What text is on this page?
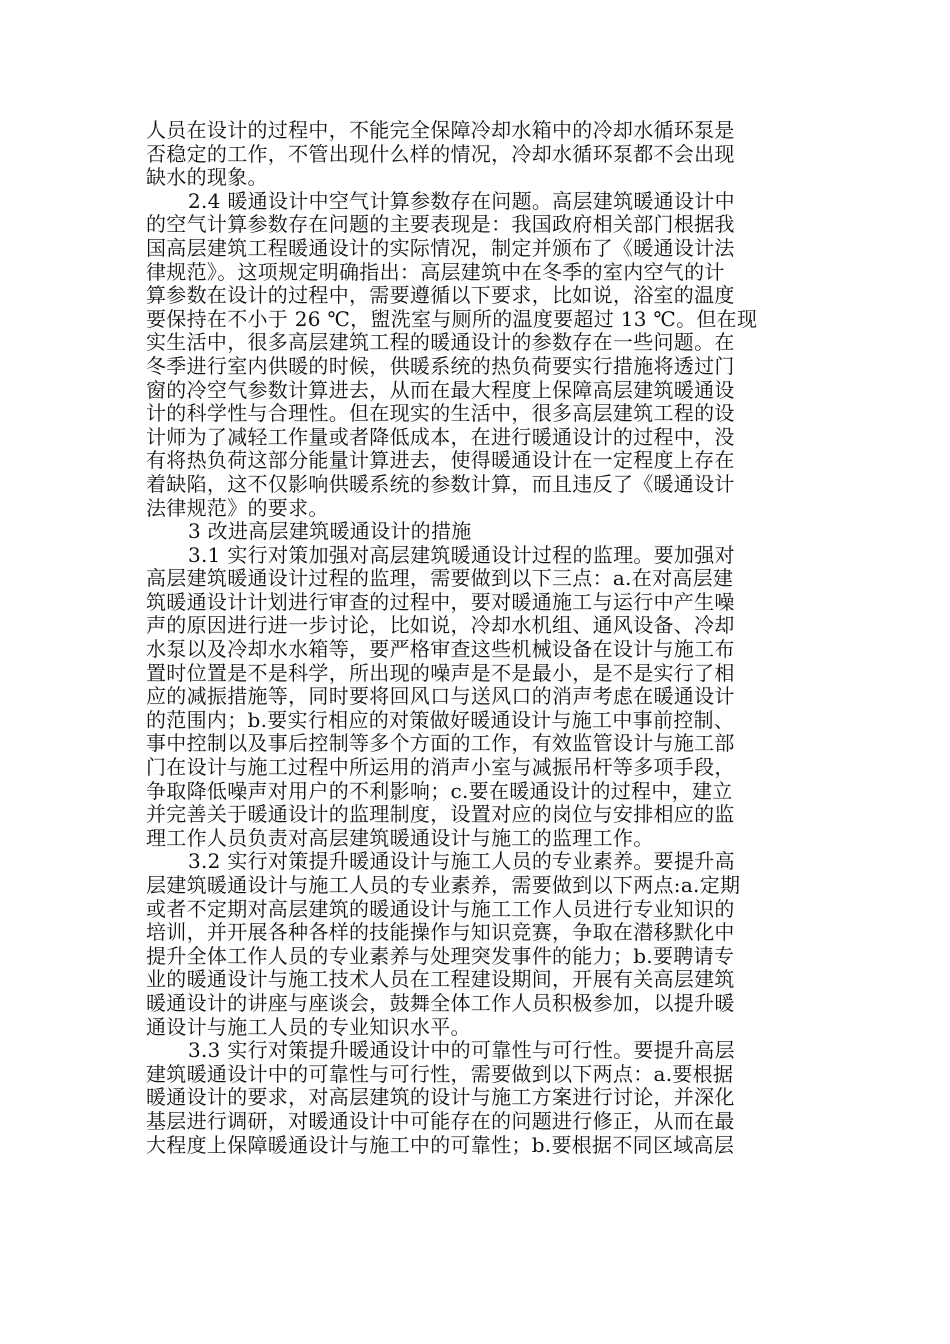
人员在设计的过程中，不能完全保障冷却水箱中的冷却水循环泵是
否稳定的工作，不管出现什么样的情况，冷却水循环泵都不会出现
缺水的现象。
2.4 暖通设计中空气计算参数存在问题。高层建筑暖通设计中
的空气计算参数存在问题的主要表现是：我国政府相关部门根据我
国高层建筑工程暖通设计的实际情况，制定并颁布了《暖通设计法
律规范》。这项规定明确指出：高层建筑中在冬季的室内空气的计
算参数在设计的过程中，需要遵循以下要求，比如说，浴室的温度
要保持在不小于 26 ℃，盥洗室与厕所的温度要超过 13 ℃。但在现
实生活中，很多高层建筑工程的暖通设计的参数存在一些问题。在
冬季进行室内供暖的时候，供暖系统的热负荷要实行措施将透过门
窗的冷空气参数计算进去，从而在最大程度上保障高层建筑暖通设
计的科学性与合理性。但在现实的生活中，很多高层建筑工程的设
计师为了减轻工作量或者降低成本，在进行暖通设计的过程中，没
有将热负荷这部分能量计算进去，使得暖通设计在一定程度上存在
着缺陷，这不仅影响供暖系统的参数计算，而且违反了《暖通设计
法律规范》的要求。
3 改进高层建筑暖通设计的措施
3.1 实行对策加强对高层建筑暖通设计过程的监理。要加强对
高层建筑暖通设计过程的监理，需要做到以下三点：a.在对高层建
筑暖通设计计划进行审查的过程中，要对暖通施工与运行中产生噪
声的原因进行进一步讨论，比如说，冷却水机组、通风设备、冷却
水泵以及冷却水水箱等，要严格审查这些机械设备在设计与施工布
置时位置是不是科学，所出现的噪声是不是最小，是不是实行了相
应的减振措施等，同时要将回风口与送风口的消声考虑在暖通设计
的范围内；b.要实行相应的对策做好暖通设计与施工中事前控制、
事中控制以及事后控制等多个方面的工作，有效监管设计与施工部
门在设计与施工过程中所运用的消声小室与减振吊杆等多项手段，
争取降低噪声对用户的不利影响；c.要在暖通设计的过程中，建立
并完善关于暖通设计的监理制度，设置对应的岗位与安排相应的监
理工作人员负责对高层建筑暖通设计与施工的监理工作。
3.2 实行对策提升暖通设计与施工人员的专业素养。要提升高
层建筑暖通设计与施工人员的专业素养，需要做到以下两点:a.定期
或者不定期对高层建筑的暖通设计与施工工作人员进行专业知识的
培训，并开展各种各样的技能操作与知识竞赛，争取在潜移默化中
提升全体工作人员的专业素养与处理突发事件的能力；b.要聘请专
业的暖通设计与施工技术人员在工程建设期间，开展有关高层建筑
暖通设计的讲座与座谈会，鼓舞全体工作人员积极参加，以提升暖
通设计与施工人员的专业知识水平。
3.3 实行对策提升暖通设计中的可靠性与可行性。要提升高层
建筑暖通设计中的可靠性与可行性，需要做到以下两点：a.要根据
暖通设计的要求，对高层建筑的设计与施工方案进行讨论，并深化
基层进行调研，对暖通设计中可能存在的问题进行修正，从而在最
大程度上保障暖通设计与施工中的可靠性；b.要根据不同区域高层
